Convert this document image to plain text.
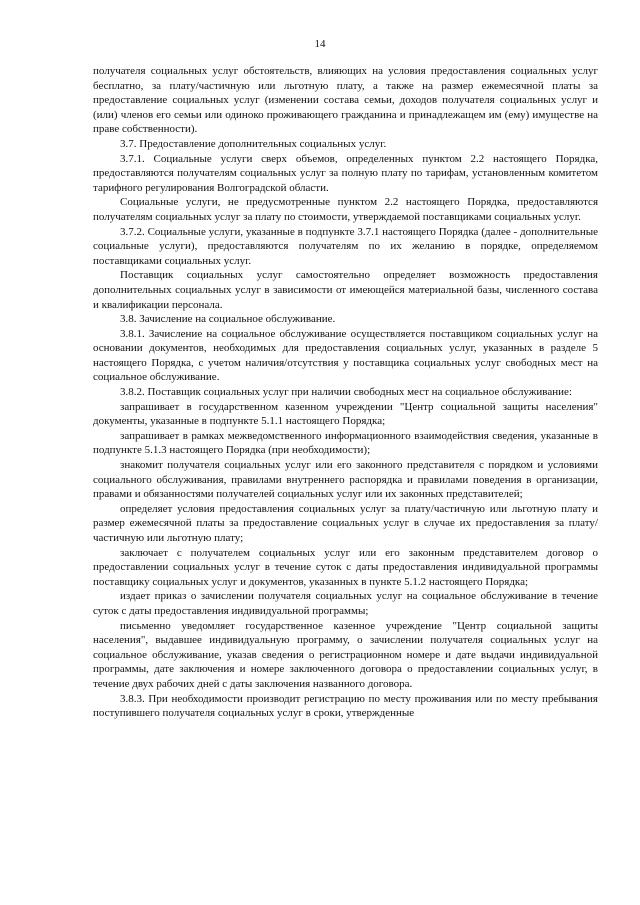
14

получателя социальных услуг обстоятельств, влияющих на условия предоставления социальных услуг бесплатно, за плату/частичную или льготную плату, а также на размер ежемесячной платы за предоставление социальных услуг (изменении состава семьи, доходов получателя социальных услуг и (или) членов его семьи или одиноко проживающего гражданина и принадлежащем им (ему) имуществе на праве собственности).

3.7. Предоставление дополнительных социальных услуг.

3.7.1. Социальные услуги сверх объемов, определенных пунктом 2.2 настоящего Порядка, предоставляются получателям социальных услуг за полную плату по тарифам, установленным комитетом тарифного регулирования Волгоградской области.

Социальные услуги, не предусмотренные пунктом 2.2 настоящего Порядка, предоставляются получателям социальных услуг за плату по стоимости, утверждаемой поставщиками социальных услуг.

3.7.2. Социальные услуги, указанные в подпункте 3.7.1 настоящего Порядка (далее - дополнительные социальные услуги), предоставляются получателям по их желанию в порядке, определяемом поставщиками социальных услуг.

Поставщик социальных услуг самостоятельно определяет возможность предоставления дополнительных социальных услуг в зависимости от имеющейся материальной базы, численного состава и квалификации персонала.

3.8. Зачисление на социальное обслуживание.

3.8.1. Зачисление на социальное обслуживание осуществляется поставщиком социальных услуг на основании документов, необходимых для предоставления социальных услуг, указанных в разделе 5 настоящего Порядка, с учетом наличия/отсутствия у поставщика социальных услуг свободных мест на социальное обслуживание.

3.8.2. Поставщик социальных услуг при наличии свободных мест на социальное обслуживание:

запрашивает в государственном казенном учреждении "Центр социальной защиты населения" документы, указанные в подпункте 5.1.1 настоящего Порядка;

запрашивает в рамках межведомственного информационного взаимодействия сведения, указанные в подпункте 5.1.3 настоящего Порядка (при необходимости);

знакомит получателя социальных услуг или его законного представителя с порядком и условиями социального обслуживания, правилами внутреннего распорядка и правилами поведения в организации, правами и обязанностями получателей социальных услуг или их законных представителей;

определяет условия предоставления социальных услуг за плату/частичную или льготную плату и размер ежемесячной платы за предоставление социальных услуг в случае их предоставления за плату/частичную или льготную плату;

заключает с получателем социальных услуг или его законным представителем договор о предоставлении социальных услуг в течение суток с даты предоставления индивидуальной программы поставщику социальных услуг и документов, указанных в пункте 5.1.2 настоящего Порядка;

издает приказ о зачислении получателя социальных услуг на социальное обслуживание в течение суток с даты предоставления индивидуальной программы;

письменно уведомляет государственное казенное учреждение "Центр социальной защиты населения", выдавшее индивидуальную программу, о зачислении получателя социальных услуг на социальное обслуживание, указав сведения о регистрационном номере и дате выдачи индивидуальной программы, дате заключения и номере заключенного договора о предоставлении социальных услуг, в течение двух рабочих дней с даты заключения названного договора.

3.8.3. При необходимости производит регистрацию по месту проживания или по месту пребывания поступившего получателя социальных услуг в сроки, утвержденные
